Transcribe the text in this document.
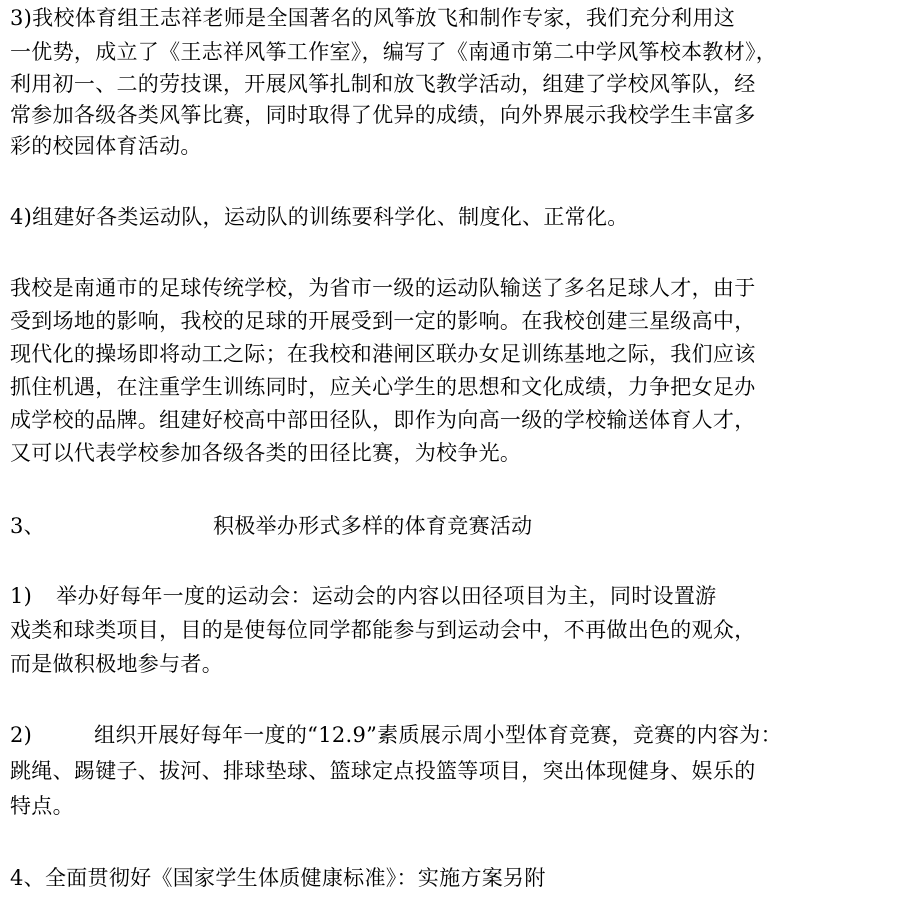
3)我校体育组王志祥老师是全国著名的风筝放飞和制作专家，我们充分利用这
一优势，成立了《王志祥风筝工作室》，编写了《南通市第二中学风筝校本教材》，
利用初一、二的劳技课，开展风筝扎制和放飞教学活动，组建了学校风筝队，经
常参加各级各类风筝比赛，同时取得了优异的成绩，向外界展示我校学生丰富多
彩的校园体育活动。
4)组建好各类运动队，运动队的训练要科学化、制度化、正常化。
我校是南通市的足球传统学校，为省市一级的运动队输送了多名足球人才，由于
受到场地的影响，我校的足球的开展受到一定的影响。在我校创建三星级高中，
现代化的操场即将动工之际；在我校和港闸区联办女足训练基地之际，我们应该
抓住机遇，在注重学生训练同时，应关心学生的思想和文化成绩，力争把女足办
成学校的品牌。组建好校高中部田径队，即作为向高一级的学校输送体育人才，
又可以代表学校参加各级各类的田径比赛，为校争光。
3、	积极举办形式多样的体育竞赛活动
1) 举办好每年一度的运动会：运动会的内容以田径项目为主，同时设置游
戏类和球类项目，目的是使每位同学都能参与到运动会中，不再做出色的观众，
而是做积极地参与者。
2)	组织开展好每年一度的“12.9”素质展示周小型体育竞赛，竞赛的内容为：
跳绳、踢键子、拔河、排球垫球、篮球定点投篮等项目，突出体现健身、娱乐的
特点。
4、全面贯彻好《国家学生体质健康标准》：实施方案另附
